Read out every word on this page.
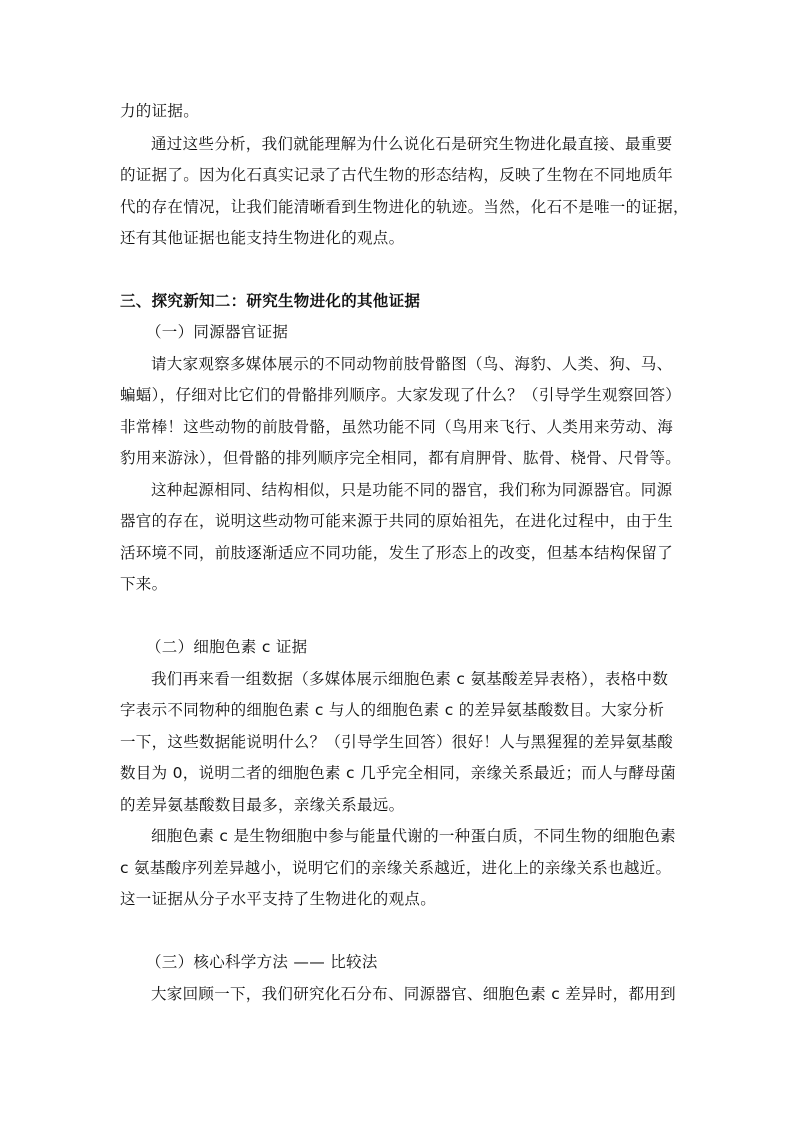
力的证据。
通过这些分析，我们就能理解为什么说化石是研究生物进化最直接、最重要
的证据了。因为化石真实记录了古代生物的形态结构，反映了生物在不同地质年
代的存在情况，让我们能清晰看到生物进化的轨迹。当然，化石不是唯一的证据，
还有其他证据也能支持生物进化的观点。
三、探究新知二：研究生物进化的其他证据
（一）同源器官证据
请大家观察多媒体展示的不同动物前肢骨骼图（鸟、海豹、人类、狗、马、
蝙蝠），仔细对比它们的骨骼排列顺序。大家发现了什么？（引导学生观察回答）
非常棒！这些动物的前肢骨骼，虽然功能不同（鸟用来飞行、人类用来劳动、海
豹用来游泳），但骨骼的排列顺序完全相同，都有肩胛骨、肱骨、桡骨、尺骨等。
这种起源相同、结构相似，只是功能不同的器官，我们称为同源器官。同源
器官的存在，说明这些动物可能来源于共同的原始祖先，在进化过程中，由于生
活环境不同，前肢逐渐适应不同功能，发生了形态上的改变，但基本结构保留了
下来。
（二）细胞色素 c 证据
我们再来看一组数据（多媒体展示细胞色素 c 氨基酸差异表格），表格中数
字表示不同物种的细胞色素 c 与人的细胞色素 c 的差异氨基酸数目。大家分析
一下，这些数据能说明什么？（引导学生回答）很好！人与黑猩猩的差异氨基酸
数目为 0，说明二者的细胞色素 c 几乎完全相同，亲缘关系最近；而人与酵母菌
的差异氨基酸数目最多，亲缘关系最远。
细胞色素 c 是生物细胞中参与能量代谢的一种蛋白质，不同生物的细胞色素
c 氨基酸序列差异越小，说明它们的亲缘关系越近，进化上的亲缘关系也越近。
这一证据从分子水平支持了生物进化的观点。
（三）核心科学方法 —— 比较法
大家回顾一下，我们研究化石分布、同源器官、细胞色素 c 差异时，都用到
